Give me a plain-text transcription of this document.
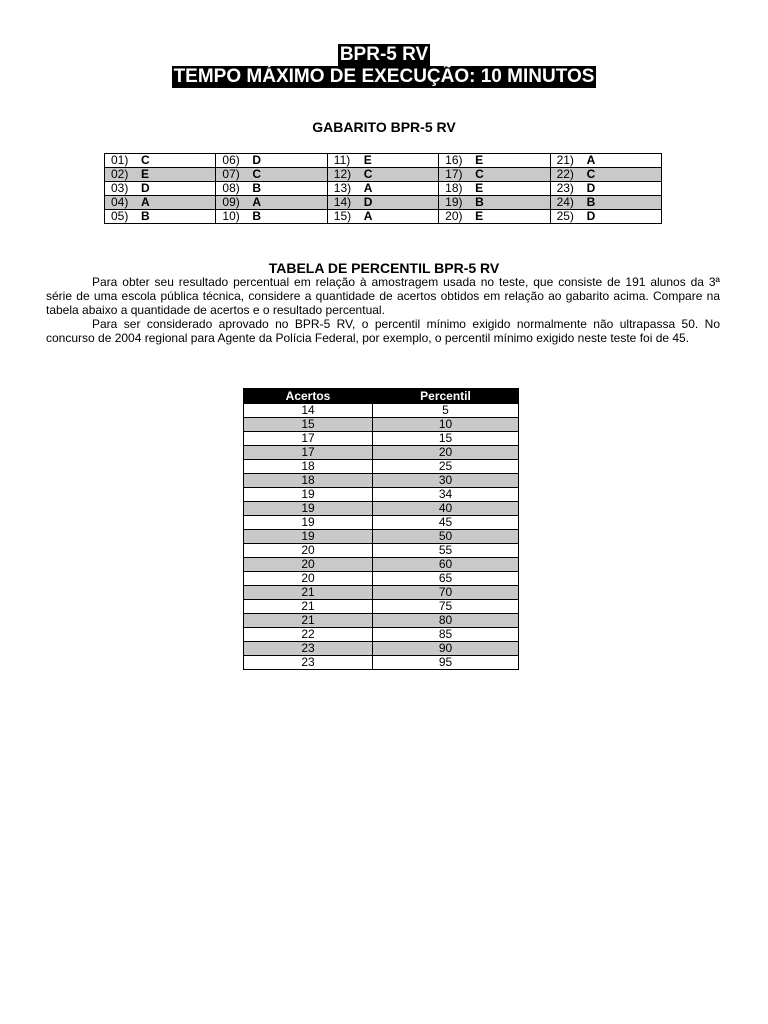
BPR-5 RV
TEMPO MÁXIMO DE EXECUÇÃO: 10 MINUTOS
GABARITO BPR-5 RV
01) C	06) D	11) E	16) E	21) A
02) E	07) C	12) C	17) C	22) C
03) D	08) B	13) A	18) E	23) D
04) A	09) A	14) D	19) B	24) B
05) B	10) B	15) A	20) E	25) D
TABELA DE PERCENTIL BPR-5 RV
Para obter seu resultado percentual em relação à amostragem usada no teste, que consiste de 191 alunos da 3ª série de uma escola pública técnica, considere a quantidade de acertos obtidos em relação ao gabarito acima. Compare na tabela abaixo a quantidade de acertos e o resultado percentual.
Para ser considerado aprovado no BPR-5 RV, o percentil mínimo exigido normalmente não ultrapassa 50. No concurso de 2004 regional para Agente da Polícia Federal, por exemplo, o percentil mínimo exigido neste teste foi de 45.
Acertos	Percentil
14	5
15	10
17	15
17	20
18	25
18	30
19	34
19	40
19	45
19	50
20	55
20	60
20	65
21	70
21	75
21	80
22	85
23	90
23	95
